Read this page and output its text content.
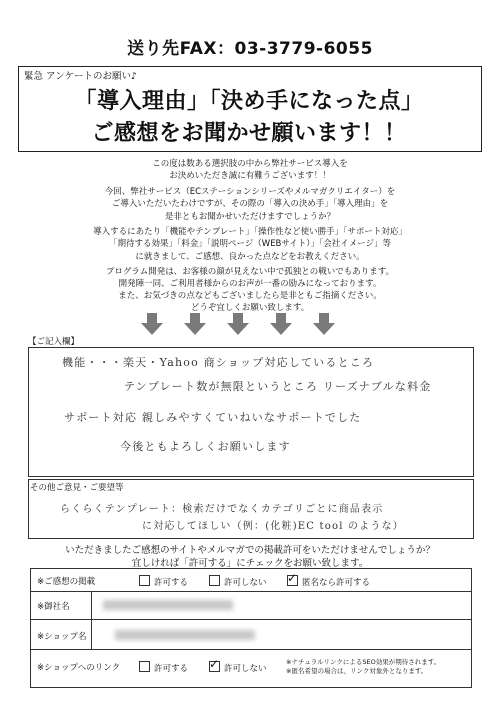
送り先FAX：03-3779-6055
緊急 アンケートのお願い♪
「導入理由」「決め手になった点」
ご感想をお聞かせ願います！！
この度は数ある選択肢の中から弊社サービス導入を
お決めいただき誠に有難うございます！！
今回、弊社サービス（ECステーションシリーズやメルマガクリエイター）を
ご導入いただいたわけですが、その際の「導入の決め手」「導入理由」を
是非ともお聞かせいただけますでしょうか？
導入するにあたり「機能やテンプレート」「操作性など使い勝手」「サポート対応」
「期待する効果」「料金」「説明ページ（WEBサイト）」「会社イメージ」等
に就きまして、ご感想、良かった点などをお教えください。
プログラム開発は、お客様の顔が見えない中で孤独との戦いでもあります。
開発陣一同、ご利用者様からのお声が一番の励みになっております。
また、お気づきの点などもございましたら是非ともご指摘ください。
どうぞ宜しくお願い致します。
【ご記入欄】
機能・・・楽天・Yahoo 商ショップ対応しているところ
テンプレート数が無限というところ リーズナブルな料金
サポート対応 親しみやすくていねいなサポートでした
今後ともよろしくお願いします
その他ご意見・ご要望等
らくらくテンプレート：検索だけでなくカテゴリごとに商品表示
に対応してほしい（例：(化粧)EC tool のような）
いただきましたご感想のサイトやメルマガでの掲載許可をいただけませんでしょうか？
宜しければ「許可する」にチェックをお願い致します。
※ご感想の掲載	許可する	許可しない ✓	匿名なら許可する
※御社名
※ショップ名
※ショップへのリンク	許可する ✓	許可しない
※ナチュラルリンクによるSEO効果が期待されます。
※匿名希望の場合は、リンク対象外となります。
